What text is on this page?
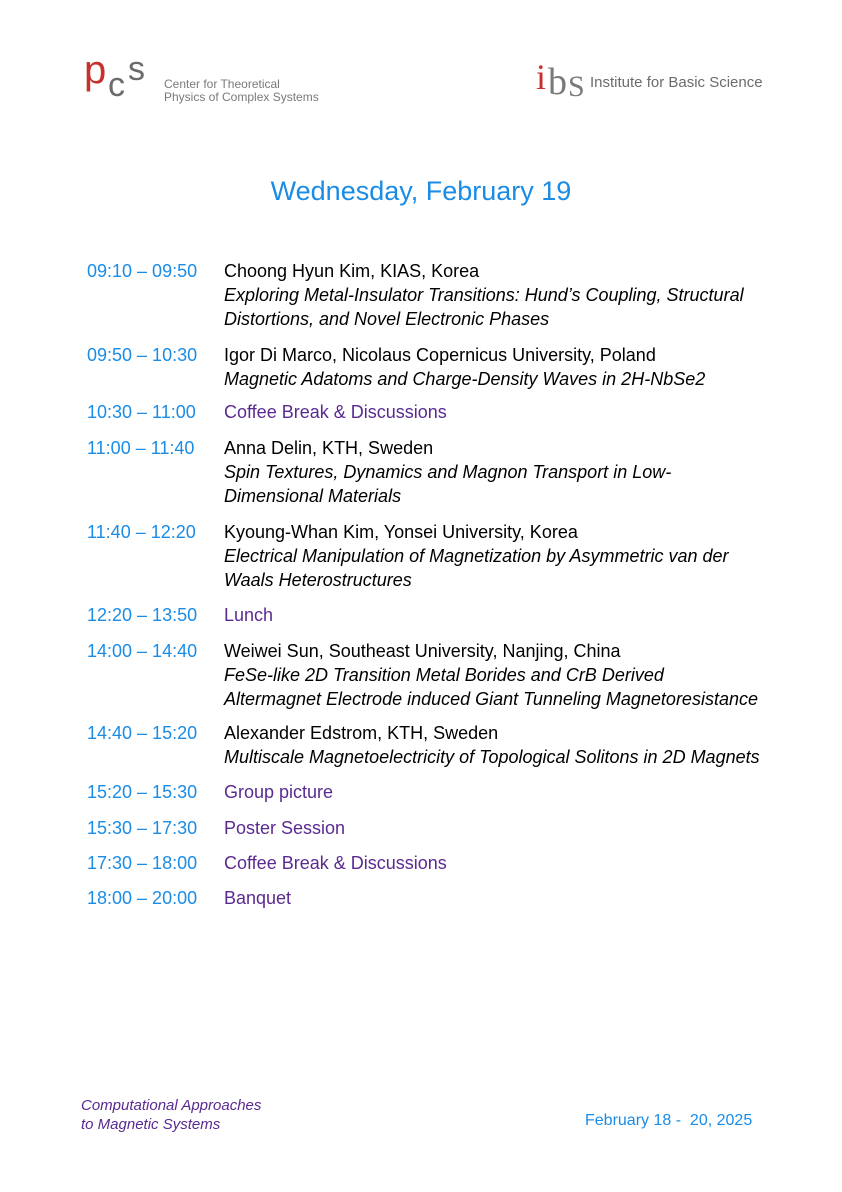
p c s Center for Theoretical
Physics of Complex Systems	i b S Institute for Basic Science
Wednesday, February 19
09:10 – 09:50	Choong Hyun Kim, KIAS, Korea
Exploring Metal-Insulator Transitions: Hund’s Coupling, Structural Distortions, and Novel Electronic Phases
09:50 – 10:30	Igor Di Marco, Nicolaus Copernicus University, Poland
Magnetic Adatoms and Charge-Density Waves in 2H-NbSe2
10:30 – 11:00	Coffee Break & Discussions
11:00 – 11:40	Anna Delin, KTH, Sweden
Spin Textures, Dynamics and Magnon Transport in Low-Dimensional Materials
11:40 – 12:20	Kyoung-Whan Kim, Yonsei University, Korea
Electrical Manipulation of Magnetization by Asymmetric van der Waals Heterostructures
12:20 – 13:50	Lunch
14:00 – 14:40	Weiwei Sun, Southeast University, Nanjing, China
FeSe-like 2D Transition Metal Borides and CrB Derived Altermagnet Electrode induced Giant Tunneling Magnetoresistance
14:40 – 15:20	Alexander Edstrom, KTH, Sweden
Multiscale Magnetoelectricity of Topological Solitons in 2D Magnets
15:20 – 15:30	Group picture
15:30 – 17:30	Poster Session
17:30 – 18:00	Coffee Break & Discussions
18:00 – 20:00	Banquet
Computational Approaches
to Magnetic Systems	February 18 -  20, 2025
